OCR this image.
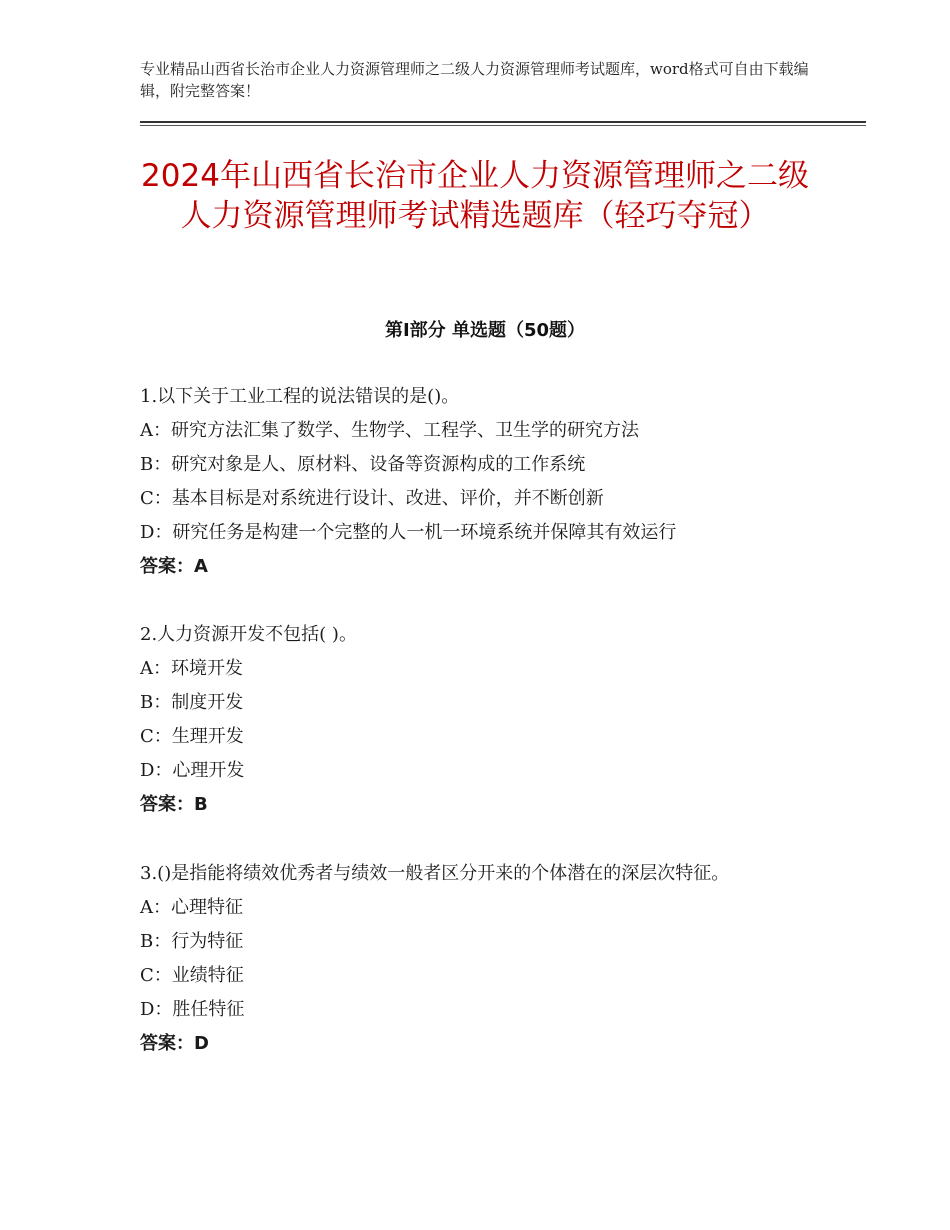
专业精品山西省长治市企业人力资源管理师之二级人力资源管理师考试题库，word格式可自由下载编辑，附完整答案！
2024年山西省长治市企业人力资源管理师之二级人力资源管理师考试精选题库（轻巧夺冠）
第Ⅰ部分 单选题（50题）
1.以下关于工业工程的说法错误的是()。
A：研究方法汇集了数学、生物学、工程学、卫生学的研究方法
B：研究对象是人、原材料、设备等资源构成的工作系统
C：基本目标是对系统进行设计、改进、评价，并不断创新
D：研究任务是构建一个完整的人一机一环境系统并保障其有效运行
答案：A
2.人力资源开发不包括( )。
A：环境开发
B：制度开发
C：生理开发
D：心理开发
答案：B
3.()是指能将绩效优秀者与绩效一般者区分开来的个体潜在的深层次特征。
A：心理特征
B：行为特征
C：业绩特征
D：胜任特征
答案：D
